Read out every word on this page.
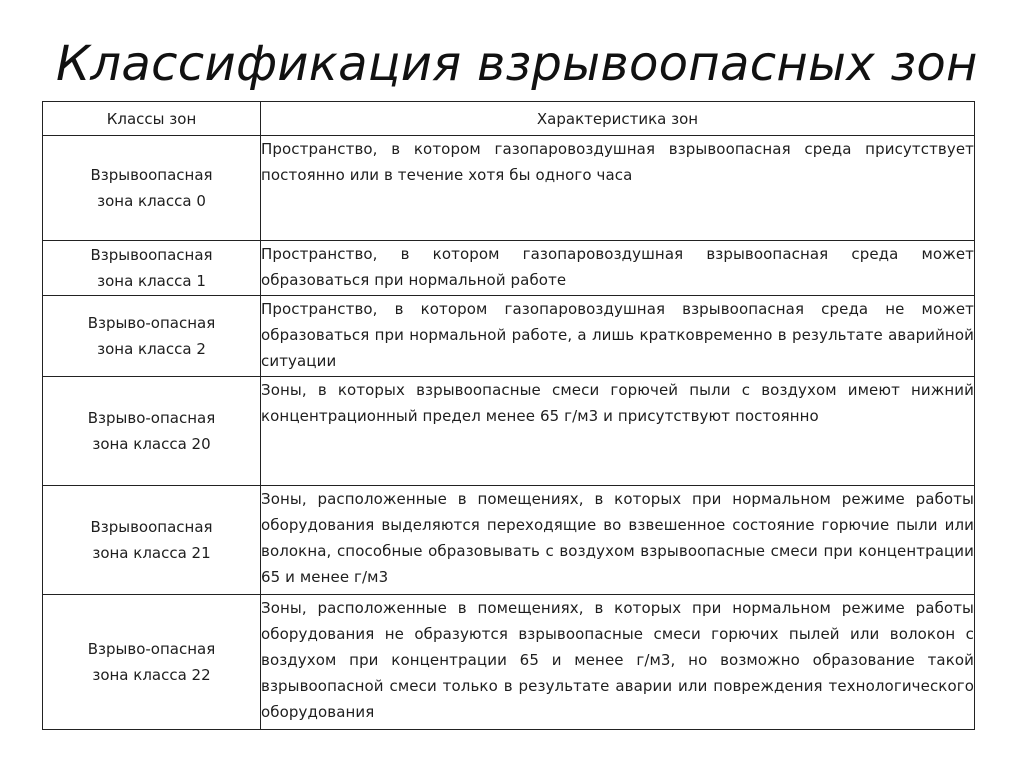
Классификация взрывоопасных зон
Классы зон	Характеристика зон

Взрывоопасная
зона класса 0	Пространство, в котором газопаровоздушная взрывоопасная среда присутствует постоянно или в течение хотя бы одного часа

Взрывоопасная
зона класса 1	Пространство, в котором газопаровоздушная взрывоопасная среда может образоваться при нормальной работе

Взрыво-опасная
зона класса 2	Пространство, в котором газопаровоздушная взрывоопасная среда не может образоваться при нормальной работе, а лишь кратковременно в результате аварийной ситуации

Взрыво-опасная
зона класса 20	Зоны, в которых взрывоопасные смеси горючей пыли с воздухом имеют нижний концентрационный предел менее 65 г/м3 и присутствуют постоянно

Взрывоопасная
зона класса 21	Зоны, расположенные в помещениях, в которых при нормальном режиме работы оборудования выделяются переходящие во взвешенное состояние горючие пыли или волокна, способные образовывать с воздухом взрывоопасные смеси при концентрации 65 и менее г/м3

Взрыво-опасная
зона класса 22	Зоны, расположенные в помещениях, в которых при нормальном режиме работы оборудования не образуются взрывоопасные смеси горючих пылей или волокон с воздухом при концентрации 65 и менее г/м3, но возможно образование такой взрывоопасной смеси только в результате аварии или повреждения технологического оборудования
